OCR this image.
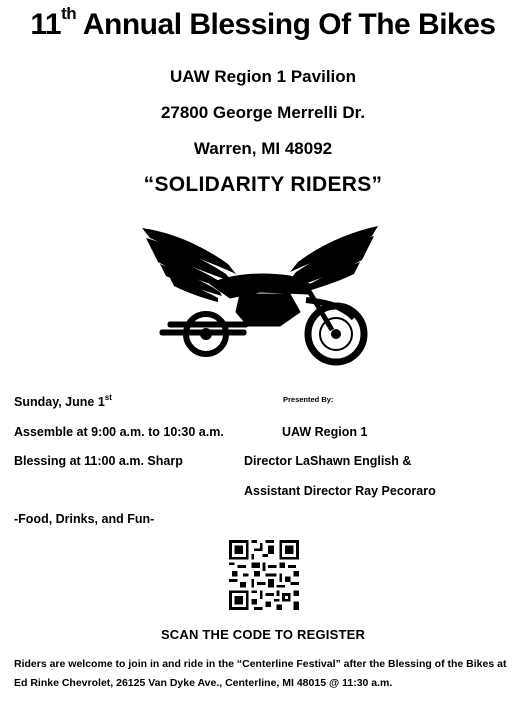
11th Annual Blessing Of The Bikes
UAW Region 1 Pavilion
27800 George Merrelli Dr.
Warren, MI 48092
“SOLIDARITY RIDERS”
Sunday, June 1st
Assemble at 9:00 a.m. to 10:30 a.m.
Blessing at 11:00 a.m. Sharp
-Food, Drinks, and Fun-
Presented By:
UAW Region 1
Director LaShawn English &
Assistant Director Ray Pecoraro
SCAN THE CODE TO REGISTER
Riders are welcome to join in and ride in the “Centerline Festival” after the Blessing of the Bikes at
Ed Rinke Chevrolet, 26125 Van Dyke Ave., Centerline, MI 48015 @ 11:30 a.m.
